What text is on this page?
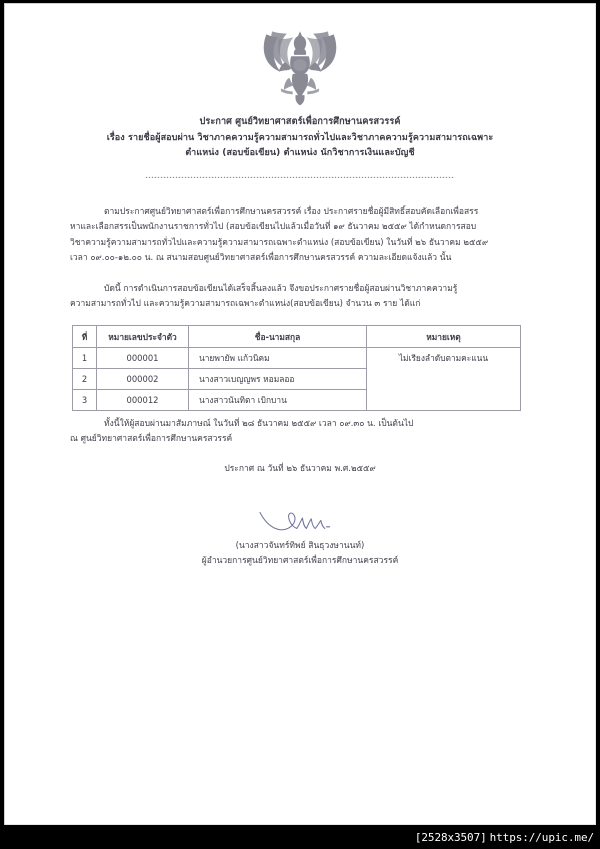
ประกาศ ศูนย์วิทยาศาสตร์เพื่อการศึกษานครสวรรค์
เรื่อง รายชื่อผู้สอบผ่าน วิชาภาคความรู้ความสามารถทั่วไปและวิชาภาคความรู้ความสามารถเฉพาะ
ตำแหน่ง (สอบข้อเขียน) ตำแหน่ง นักวิชาการเงินและบัญชี
ตามประกาศศูนย์วิทยาศาสตร์เพื่อการศึกษานครสวรรค์ เรื่อง ประกาศรายชื่อผู้มีสิทธิ์สอบคัดเลือกเพื่อสรร
หาและเลือกสรรเป็นพนักงานราชการทั่วไป (สอบข้อเขียนไปแล้วเมื่อวันที่ ๑๙ ธันวาคม ๒๕๕๙ ได้กำหนดการสอบ
วิชาความรู้ความสามารถทั่วไปและความรู้ความสามารถเฉพาะตำแหน่ง (สอบข้อเขียน) ในวันที่ ๒๖ ธันวาคม ๒๕๕๙
เวลา ๐๙.๐๐-๑๒.๐๐ น. ณ สนามสอบศูนย์วิทยาศาสตร์เพื่อการศึกษานครสวรรค์ ความละเอียดแจ้งแล้ว นั้น
บัดนี้ การดำเนินการสอบข้อเขียนได้เสร็จสิ้นลงแล้ว จึงขอประกาศรายชื่อผู้สอบผ่านวิชาภาคความรู้
ความสามารถทั่วไป และความรู้ความสามารถเฉพาะตำแหน่ง(สอบข้อเขียน) จำนวน ๓ ราย ได้แก่
ที่	หมายเลขประจำตัว	ชื่อ-นามสกุล	หมายเหตุ
1	000001	นายพายัพ แก้วนิคม	ไม่เรียงลำดับตามคะแนน
2	000002	นางสาวเบญญพร หอมลออ	
3	000012	นางสาวนันทิตา เบิกบาน	
ทั้งนี้ให้ผู้สอบผ่านมาสัมภาษณ์ ในวันที่ ๒๘ ธันวาคม ๒๕๕๙ เวลา ๐๙.๓๐ น. เป็นต้นไป
ณ ศูนย์วิทยาศาสตร์เพื่อการศึกษานครสวรรค์
ประกาศ ณ วันที่ ๒๖ ธันวาคม พ.ศ.๒๕๕๙
(นางสาวจันทร์ทิพย์ สินธุวงษานนท์)
ผู้อำนวยการศูนย์วิทยาศาสตร์เพื่อการศึกษานครสวรรค์
[2528x3507] https://upic.me/
